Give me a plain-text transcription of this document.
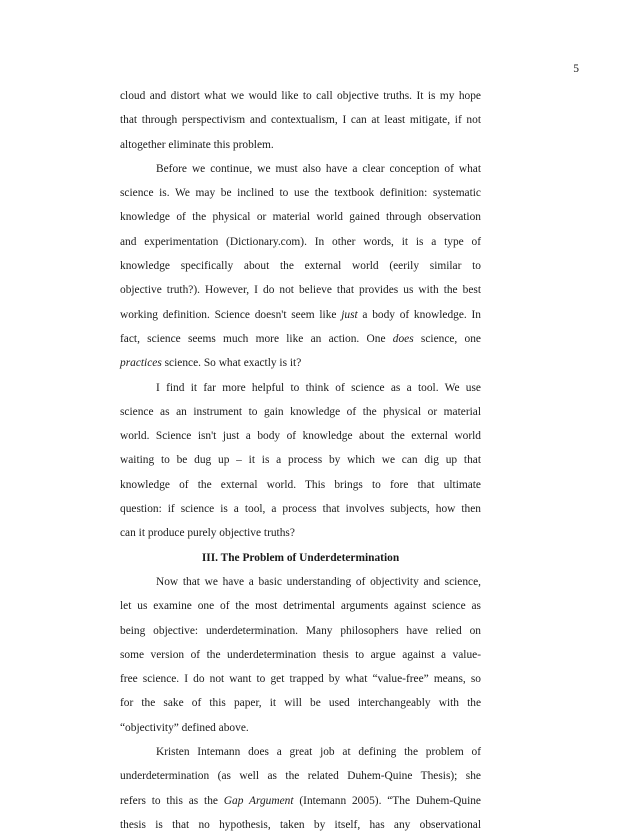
5
cloud and distort what we would like to call objective truths. It is my hope
that through perspectivism and contextualism, I can at least mitigate, if not
altogether eliminate this problem.
Before we continue, we must also have a clear conception of what
science is. We may be inclined to use the textbook definition: systematic
knowledge of the physical or material world gained through observation
and experimentation (Dictionary.com). In other words, it is a type of
knowledge specifically about the external world (eerily similar to
objective truth?). However, I do not believe that provides us with the best
working definition. Science doesn't seem like just a body of knowledge. In
fact, science seems much more like an action. One does science, one
practices science. So what exactly is it?
I find it far more helpful to think of science as a tool. We use
science as an instrument to gain knowledge of the physical or material
world. Science isn't just a body of knowledge about the external world
waiting to be dug up – it is a process by which we can dig up that
knowledge of the external world. This brings to fore that ultimate
question: if science is a tool, a process that involves subjects, how then
can it produce purely objective truths?
III. The Problem of Underdetermination
Now that we have a basic understanding of objectivity and science,
let us examine one of the most detrimental arguments against science as
being objective: underdetermination. Many philosophers have relied on
some version of the underdetermination thesis to argue against a value-
free science. I do not want to get trapped by what “value-free” means, so
for the sake of this paper, it will be used interchangeably with the
“objectivity” defined above.
Kristen Intemann does a great job at defining the problem of
underdetermination (as well as the related Duhem-Quine Thesis); she
refers to this as the Gap Argument (Intemann 2005). “The Duhem-Quine
thesis is that no hypothesis, taken by itself, has any observational
